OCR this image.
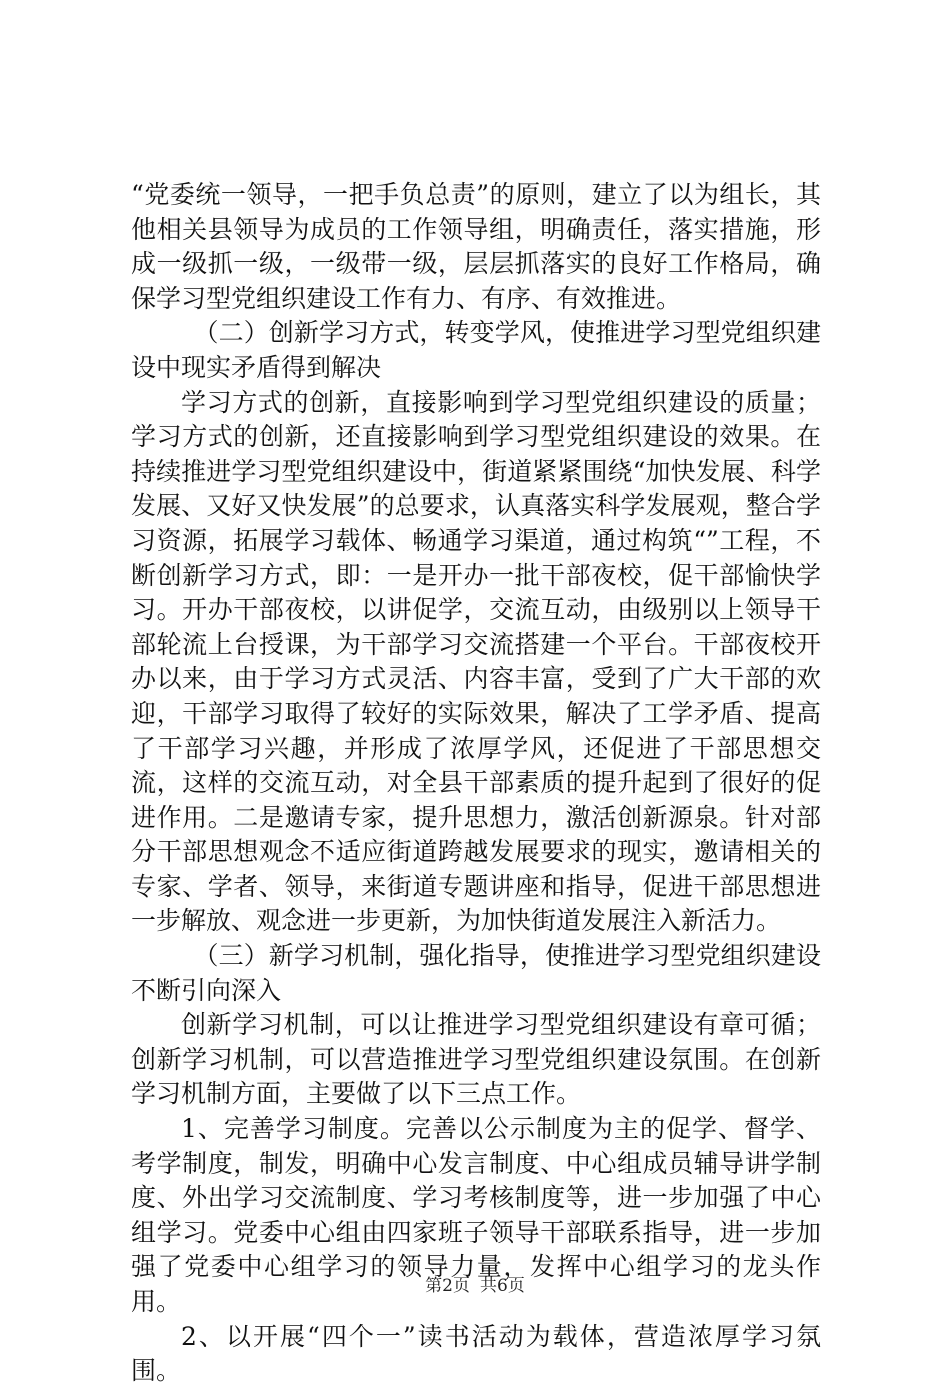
“党委统一领导，一把手负总责”的原则，建立了以为组长，其他相关县领导为成员的工作领导组，明确责任，落实措施，形成一级抓一级，一级带一级，层层抓落实的良好工作格局，确保学习型党组织建设工作有力、有序、有效推进。

（二）创新学习方式，转变学风，使推进学习型党组织建设中现实矛盾得到解决

学习方式的创新，直接影响到学习型党组织建设的质量；学习方式的创新，还直接影响到学习型党组织建设的效果。在持续推进学习型党组织建设中，街道紧紧围绕“加快发展、科学发展、又好又快发展”的总要求，认真落实科学发展观，整合学习资源，拓展学习载体、畅通学习渠道，通过构筑“”工程，不断创新学习方式，即：一是开办一批干部夜校，促干部愉快学习。开办干部夜校，以讲促学，交流互动，由级别以上领导干部轮流上台授课，为干部学习交流搭建一个平台。干部夜校开办以来，由于学习方式灵活、内容丰富，受到了广大干部的欢迎，干部学习取得了较好的实际效果，解决了工学矛盾、提高了干部学习兴趣，并形成了浓厚学风，还促进了干部思想交流，这样的交流互动，对全县干部素质的提升起到了很好的促进作用。二是邀请专家，提升思想力，激活创新源泉。针对部分干部思想观念不适应街道跨越发展要求的现实，邀请相关的专家、学者、领导，来街道专题讲座和指导，促进干部思想进一步解放、观念进一步更新，为加快街道发展注入新活力。

（三）新学习机制，强化指导，使推进学习型党组织建设不断引向深入

创新学习机制，可以让推进学习型党组织建设有章可循；创新学习机制，可以营造推进学习型党组织建设氛围。在创新学习机制方面，主要做了以下三点工作。

1、完善学习制度。完善以公示制度为主的促学、督学、考学制度，制发，明确中心发言制度、中心组成员辅导讲学制度、外出学习交流制度、学习考核制度等，进一步加强了中心组学习。党委中心组由四家班子领导干部联系指导，进一步加强了党委中心组学习的领导力量，发挥中心组学习的龙头作用。

2、以开展“四个一”读书活动为载体，营造浓厚学习氛围。

第2页 共6页
